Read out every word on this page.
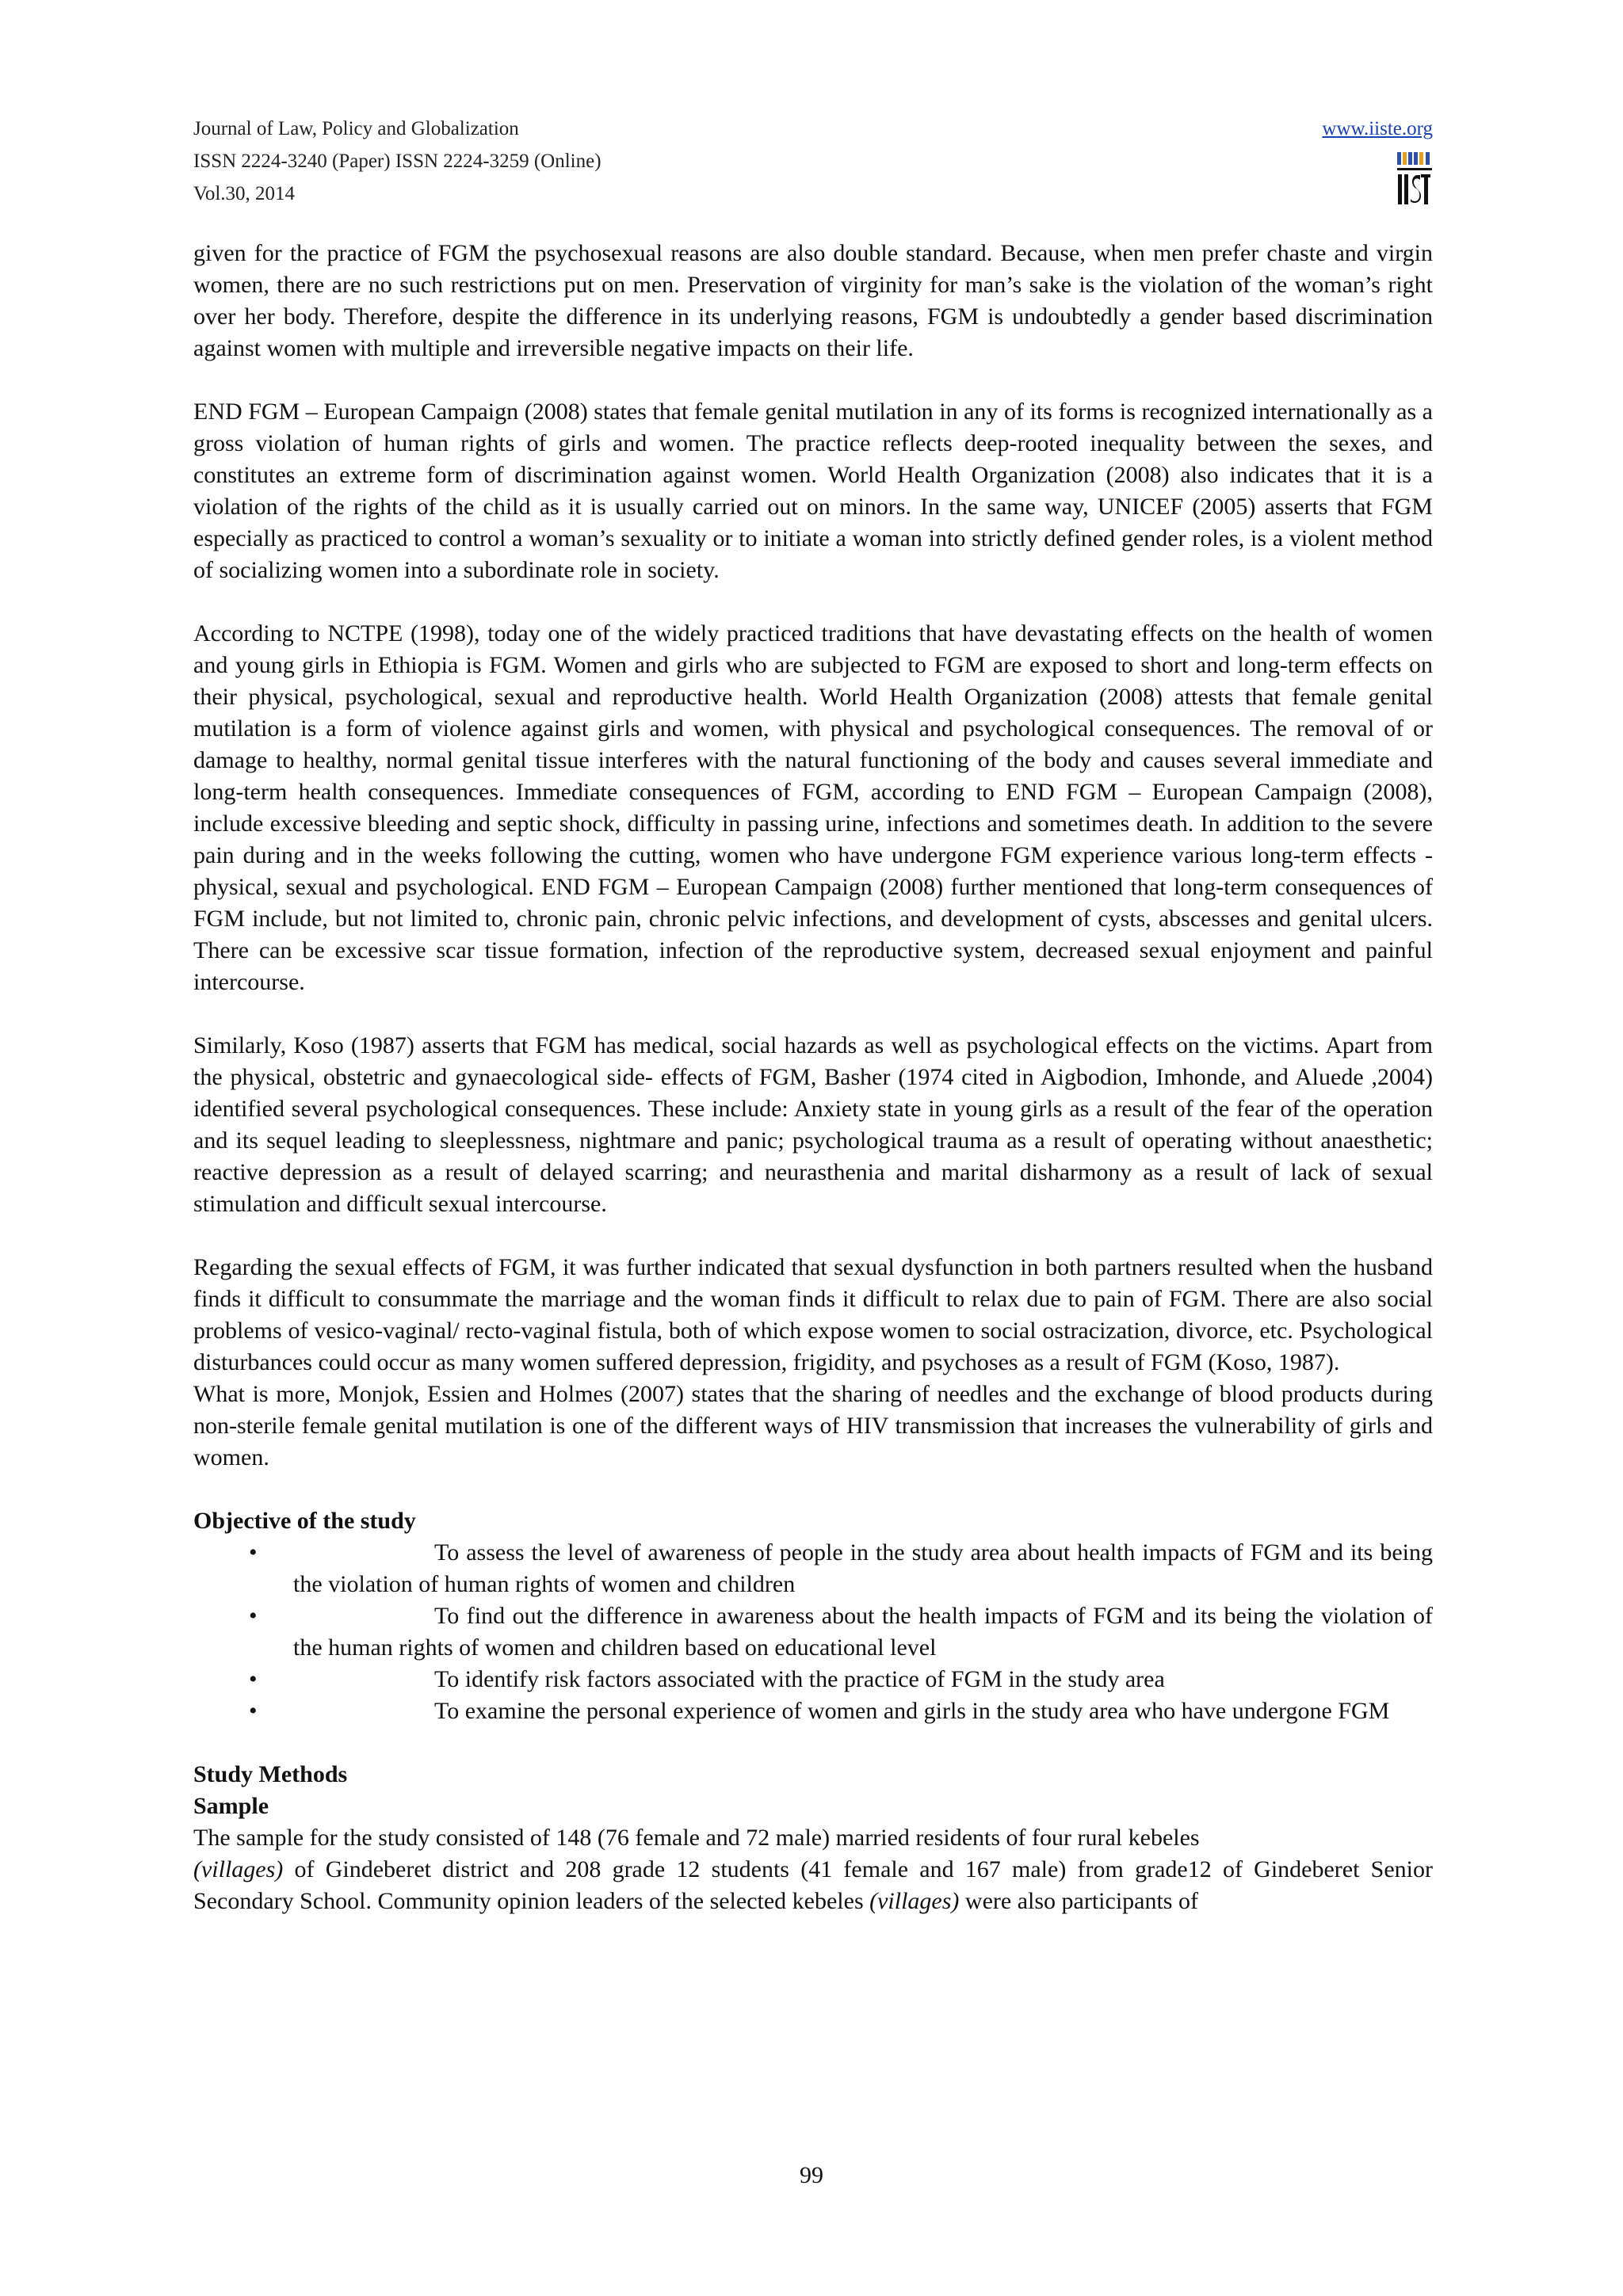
Journal of Law, Policy and Globalization
ISSN 2224-3240 (Paper) ISSN 2224-3259 (Online)
Vol.30, 2014
www.iiste.org

given for the practice of FGM the psychosexual reasons are also double standard. Because, when men prefer chaste and virgin women, there are no such restrictions put on men. Preservation of virginity for man’s sake is the violation of the woman’s right over her body. Therefore, despite the difference in its underlying reasons, FGM is undoubtedly a gender based discrimination against women with multiple and irreversible negative impacts on their life.

END FGM – European Campaign (2008) states that female genital mutilation in any of its forms is recognized internationally as a gross violation of human rights of girls and women. The practice reflects deep-rooted inequality between the sexes, and constitutes an extreme form of discrimination against women. World Health Organization (2008) also indicates that it is a violation of the rights of the child as it is usually carried out on minors. In the same way, UNICEF (2005) asserts that FGM especially as practiced to control a woman’s sexuality or to initiate a woman into strictly defined gender roles, is a violent method of socializing women into a subordinate role in society.

According to NCTPE (1998), today one of the widely practiced traditions that have devastating effects on the health of women and young girls in Ethiopia is FGM. Women and girls who are subjected to FGM are exposed to short and long-term effects on their physical, psychological, sexual and reproductive health. World Health Organization (2008) attests that female genital mutilation is a form of violence against girls and women, with physical and psychological consequences. The removal of or damage to healthy, normal genital tissue interferes with the natural functioning of the body and causes several immediate and long-term health consequences. Immediate consequences of FGM, according to END FGM – European Campaign (2008), include excessive bleeding and septic shock, difficulty in passing urine, infections and sometimes death. In addition to the severe pain during and in the weeks following the cutting, women who have undergone FGM experience various long-term effects - physical, sexual and psychological. END FGM – European Campaign (2008) further mentioned that long-term consequences of FGM include, but not limited to, chronic pain, chronic pelvic infections, and development of cysts, abscesses and genital ulcers. There can be excessive scar tissue formation, infection of the reproductive system, decreased sexual enjoyment and painful intercourse.

Similarly, Koso (1987) asserts that FGM has medical, social hazards as well as psychological effects on the victims. Apart from the physical, obstetric and gynaecological side- effects of FGM, Basher (1974 cited in Aigbodion, Imhonde, and Aluede ,2004) identified several psychological consequences. These include: Anxiety state in young girls as a result of the fear of the operation and its sequel leading to sleeplessness, nightmare and panic; psychological trauma as a result of operating without anaesthetic; reactive depression as a result of delayed scarring; and neurasthenia and marital disharmony as a result of lack of sexual stimulation and difficult sexual intercourse.

Regarding the sexual effects of FGM, it was further indicated that sexual dysfunction in both partners resulted when the husband finds it difficult to consummate the marriage and the woman finds it difficult to relax due to pain of FGM. There are also social problems of vesico-vaginal/ recto-vaginal fistula, both of which expose women to social ostracization, divorce, etc. Psychological disturbances could occur as many women suffered depression, frigidity, and psychoses as a result of FGM (Koso, 1987).

What is more, Monjok, Essien and Holmes (2007) states that the sharing of needles and the exchange of blood products during non-sterile female genital mutilation is one of the different ways of HIV transmission that increases the vulnerability of girls and women.

Objective of the study
•	To assess the level of awareness of people in the study area about health impacts of FGM and its being the violation of human rights of women and children
•	To find out the difference in awareness about the health impacts of FGM and its being the violation of the human rights of women and children based on educational level
•	To identify risk factors associated with the practice of FGM in the study area
•	To examine the personal experience of women and girls in the study area who have undergone FGM
Study Methods
Sample

The sample for the study consisted of 148 (76 female and 72 male) married residents of four rural kebeles
(villages) of Gindeberet district and 208 grade 12 students (41 female and 167 male) from grade12 of Gindeberet Senior Secondary School. Community opinion leaders of the selected kebeles (villages) were also participants of

99
